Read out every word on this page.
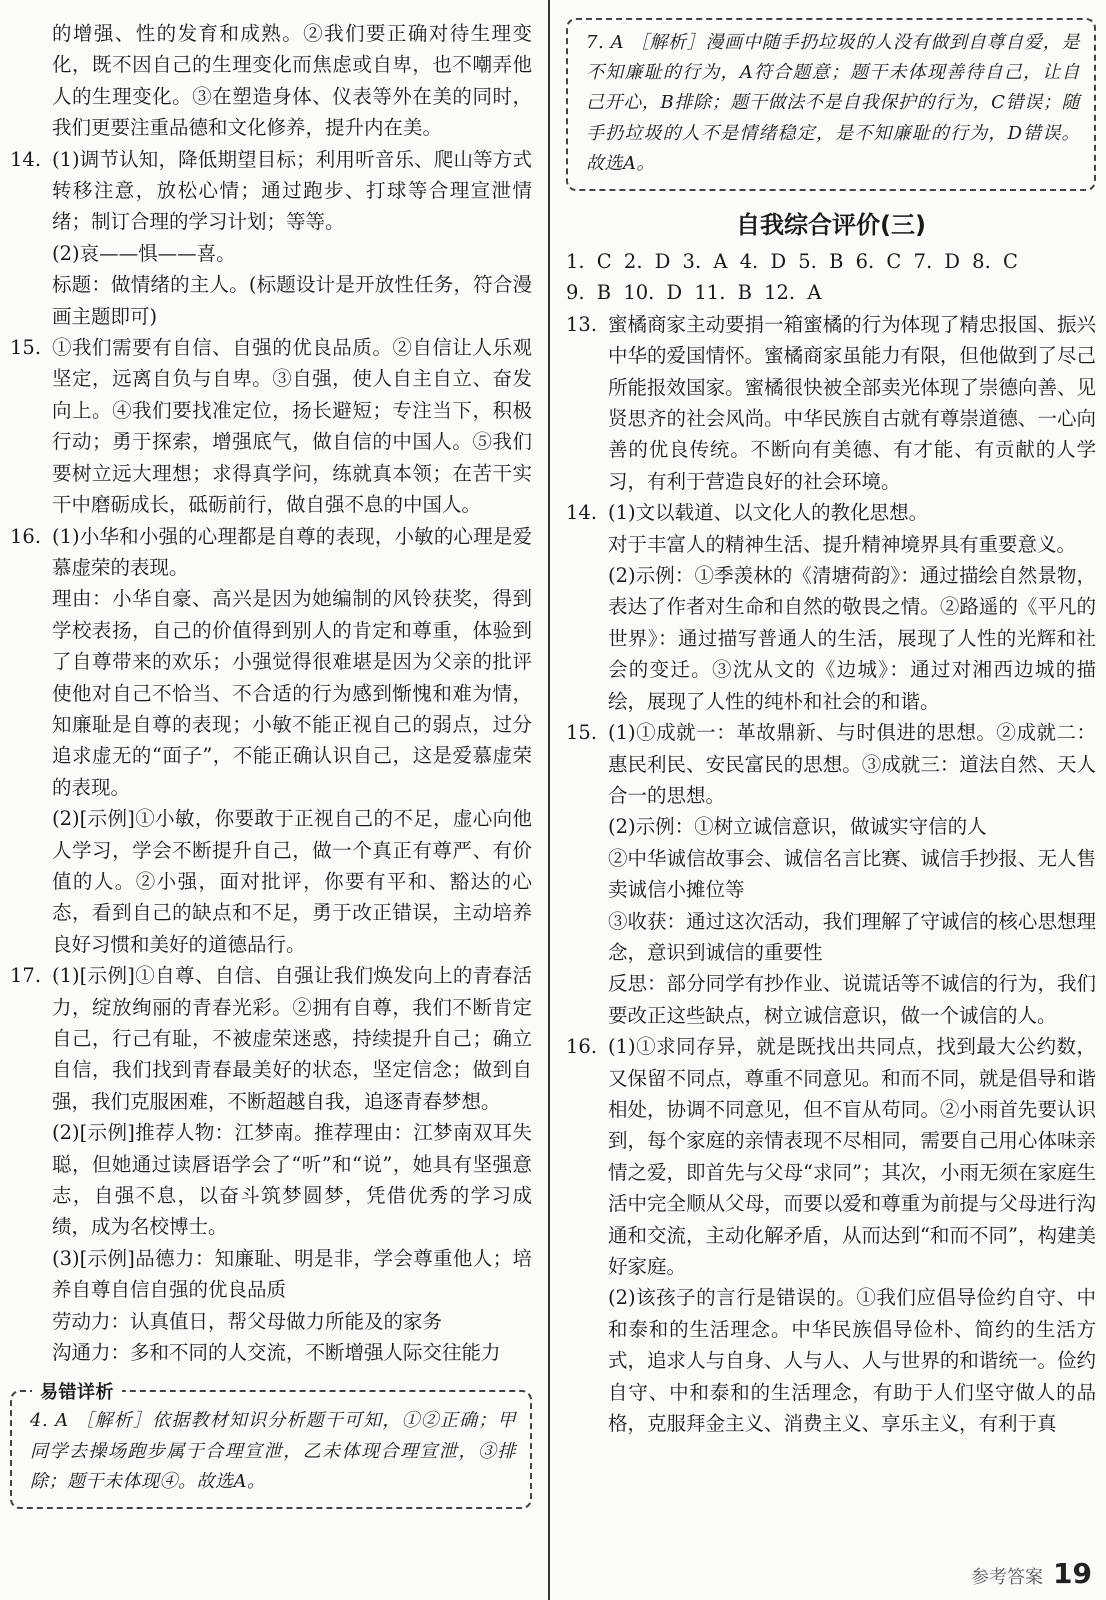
的增强、性的发育和成熟。②我们要正确对待生理变化，既不因自己的生理变化而焦虑或自卑，也不嘲弄他人的生理变化。③在塑造身体、仪表等外在美的同时，我们更要注重品德和文化修养，提升内在美。

14. (1)调节认知，降低期望目标；利用听音乐、爬山等方式转移注意，放松心情；通过跑步、打球等合理宣泄情绪；制订合理的学习计划；等等。

(2)哀——惧——喜。

标题：做情绪的主人。(标题设计是开放性任务，符合漫画主题即可)

15. ①我们需要有自信、自强的优良品质。②自信让人乐观坚定，远离自负与自卑。③自强，使人自主自立、奋发向上。④我们要找准定位，扬长避短；专注当下，积极行动；勇于探索，增强底气，做自信的中国人。⑤我们要树立远大理想；求得真学问，练就真本领；在苦干实干中磨砺成长，砥砺前行，做自强不息的中国人。

16. (1)小华和小强的心理都是自尊的表现，小敏的心理是爱慕虚荣的表现。

理由：小华自豪、高兴是因为她编制的风铃获奖，得到学校表扬，自己的价值得到别人的肯定和尊重，体验到了自尊带来的欢乐；小强觉得很难堪是因为父亲的批评使他对自己不恰当、不合适的行为感到惭愧和难为情，知廉耻是自尊的表现；小敏不能正视自己的弱点，过分追求虚无的“面子”，不能正确认识自己，这是爱慕虚荣的表现。

(2)[示例]①小敏，你要敢于正视自己的不足，虚心向他人学习，学会不断提升自己，做一个真正有尊严、有价值的人。②小强，面对批评，你要有平和、豁达的心态，看到自己的缺点和不足，勇于改正错误，主动培养良好习惯和美好的道德品行。

17. (1)[示例]①自尊、自信、自强让我们焕发向上的青春活力，绽放绚丽的青春光彩。②拥有自尊，我们不断肯定自己，行己有耻，不被虚荣迷惑，持续提升自己；确立自信，我们找到青春最美好的状态，坚定信念；做到自强，我们克服困难，不断超越自我，追逐青春梦想。

(2)[示例]推荐人物：江梦南。推荐理由：江梦南双耳失聪，但她通过读唇语学会了“听”和“说”，她具有坚强意志，自强不息，以奋斗筑梦圆梦，凭借优秀的学习成绩，成为名校博士。

(3)[示例]品德力：知廉耻、明是非，学会尊重他人；培养自尊自信自强的优良品质

劳动力：认真值日，帮父母做力所能及的家务

沟通力：多和不同的人交流，不断增强人际交往能力

易错详析

4. A ［解析］依据教材知识分析题干可知，①②正确；甲同学去操场跑步属于合理宣泄，乙未体现合理宣泄，③排除；题干未体现④。故选A。

7. A ［解析］漫画中随手扔垃圾的人没有做到自尊自爱，是不知廉耻的行为，A符合题意；题干未体现善待自己，让自己开心，B排除；题干做法不是自我保护的行为，C错误；随手扔垃圾的人不是情绪稳定，是不知廉耻的行为，D错误。故选A。

自我综合评价(三)

1. C 2. D 3. A 4. D 5. B 6. C 7. D 8. C

9. B 10. D 11. B 12. A

13. 蜜橘商家主动要捐一箱蜜橘的行为体现了精忠报国、振兴中华的爱国情怀。蜜橘商家虽能力有限，但他做到了尽己所能报效国家。蜜橘很快被全部卖光体现了崇德向善、见贤思齐的社会风尚。中华民族自古就有尊崇道德、一心向善的优良传统。不断向有美德、有才能、有贡献的人学习，有利于营造良好的社会环境。

14. (1)文以载道、以文化人的教化思想。

对于丰富人的精神生活、提升精神境界具有重要意义。

(2)示例：①季羡林的《清塘荷韵》：通过描绘自然景物，表达了作者对生命和自然的敬畏之情。②路遥的《平凡的世界》：通过描写普通人的生活，展现了人性的光辉和社会的变迁。③沈从文的《边城》：通过对湘西边城的描绘，展现了人性的纯朴和社会的和谐。

15. (1)①成就一：革故鼎新、与时俱进的思想。②成就二：惠民利民、安民富民的思想。③成就三：道法自然、天人合一的思想。

(2)示例：①树立诚信意识，做诚实守信的人

②中华诚信故事会、诚信名言比赛、诚信手抄报、无人售卖诚信小摊位等

③收获：通过这次活动，我们理解了守诚信的核心思想理念，意识到诚信的重要性

反思：部分同学有抄作业、说谎话等不诚信的行为，我们要改正这些缺点，树立诚信意识，做一个诚信的人。

16. (1)①求同存异，就是既找出共同点，找到最大公约数，又保留不同点，尊重不同意见。和而不同，就是倡导和谐相处，协调不同意见，但不盲从苟同。②小雨首先要认识到，每个家庭的亲情表现不尽相同，需要自己用心体味亲情之爱，即首先与父母“求同”；其次，小雨无须在家庭生活中完全顺从父母，而要以爱和尊重为前提与父母进行沟通和交流，主动化解矛盾，从而达到“和而不同”，构建美好家庭。

(2)该孩子的言行是错误的。①我们应倡导俭约自守、中和泰和的生活理念。中华民族倡导俭朴、简约的生活方式，追求人与自身、人与人、人与世界的和谐统一。俭约自守、中和泰和的生活理念，有助于人们坚守做人的品格，克服拜金主义、消费主义、享乐主义，有利于真

参考答案 19
